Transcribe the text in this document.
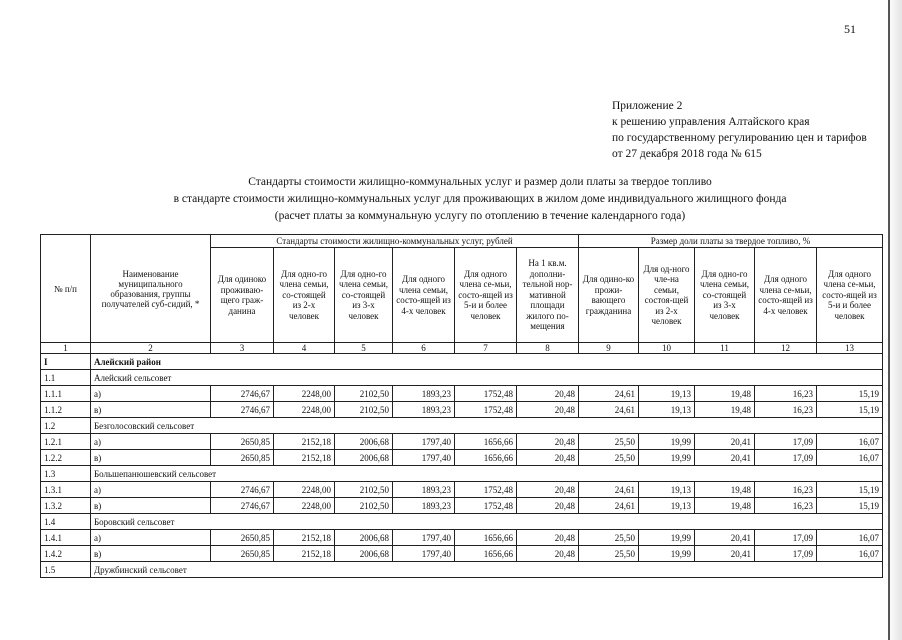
51
Приложение 2
к решению управления Алтайского края
по государственному регулированию цен и тарифов
от 27 декабря 2018 года № 615
Стандарты стоимости жилищно-коммунальных услуг и размер доли платы за твердое топливо
в стандарте стоимости жилищно-коммунальных услуг для проживающих в жилом доме индивидуального жилищного фонда
(расчет платы за коммунальную услугу по отоплению в течение календарного года)
№ п/п	Наименование муниципального образования, группы получателей суб-сидий, *	Стандарты стоимости жилищно-коммунальных услуг, рублей						Размер доли платы за твердое топливо, %				
		Для одиноко проживаю-щего граж-данина	Для одно-го члена семьи, со-стоящей из 2-х человек	Для одно-го члена семьи, со-стоящей из 3-х человек	Для одного члена семьи, состо-ящей из 4-х человек	Для одного члена се-мьи, состо-ящей из 5-и и более человек	На 1 кв.м. дополни-тельной нор-мативной площади жилого по-мещения	Для одино-ко прожи-вающего гражданина	Для од-ного чле-на семьи, состоя-щей из 2-х человек	Для одно-го члена семьи, со-стоящей из 3-х человек	Для одного члена се-мьи, состо-ящей из 4-х человек	Для одного члена се-мьи, состо-ящей из 5-и и более человек
1	2	3	4	5	6	7	8	9	10	11	12	13
I	Алейский район											
1.1	Алейский сельсовет											
1.1.1	а)	2746,67	2248,00	2102,50	1893,23	1752,48	20,48	24,61	19,13	19,48	16,23	15,19
1.1.2	в)	2746,67	2248,00	2102,50	1893,23	1752,48	20,48	24,61	19,13	19,48	16,23	15,19
1.2	Безголосовский сельсовет											
1.2.1	а)	2650,85	2152,18	2006,68	1797,40	1656,66	20,48	25,50	19,99	20,41	17,09	16,07
1.2.2	в)	2650,85	2152,18	2006,68	1797,40	1656,66	20,48	25,50	19,99	20,41	17,09	16,07
1.3	Большепанюшевский сельсовет											
1.3.1	а)	2746,67	2248,00	2102,50	1893,23	1752,48	20,48	24,61	19,13	19,48	16,23	15,19
1.3.2	в)	2746,67	2248,00	2102,50	1893,23	1752,48	20,48	24,61	19,13	19,48	16,23	15,19
1.4	Боровский сельсовет											
1.4.1	а)	2650,85	2152,18	2006,68	1797,40	1656,66	20,48	25,50	19,99	20,41	17,09	16,07
1.4.2	в)	2650,85	2152,18	2006,68	1797,40	1656,66	20,48	25,50	19,99	20,41	17,09	16,07
1.5	Дружбинский сельсовет											
